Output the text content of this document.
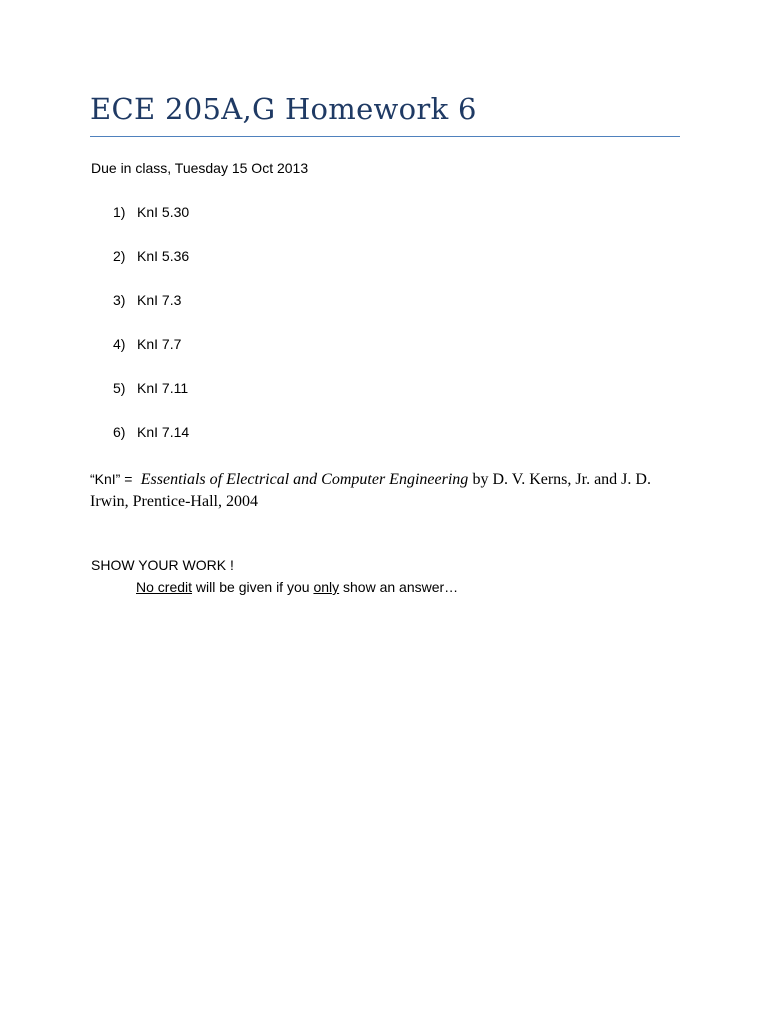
ECE 205A,G Homework 6
Due in class, Tuesday 15 Oct 2013
1) KnI 5.30
2) KnI 5.36
3) KnI 7.3
4) KnI 7.7
5) KnI 7.11
6) KnI 7.14
“KnI” = Essentials of Electrical and Computer Engineering by D. V. Kerns, Jr. and J. D. Irwin, Prentice-Hall, 2004
SHOW YOUR WORK !
No credit will be given if you only show an answer…
